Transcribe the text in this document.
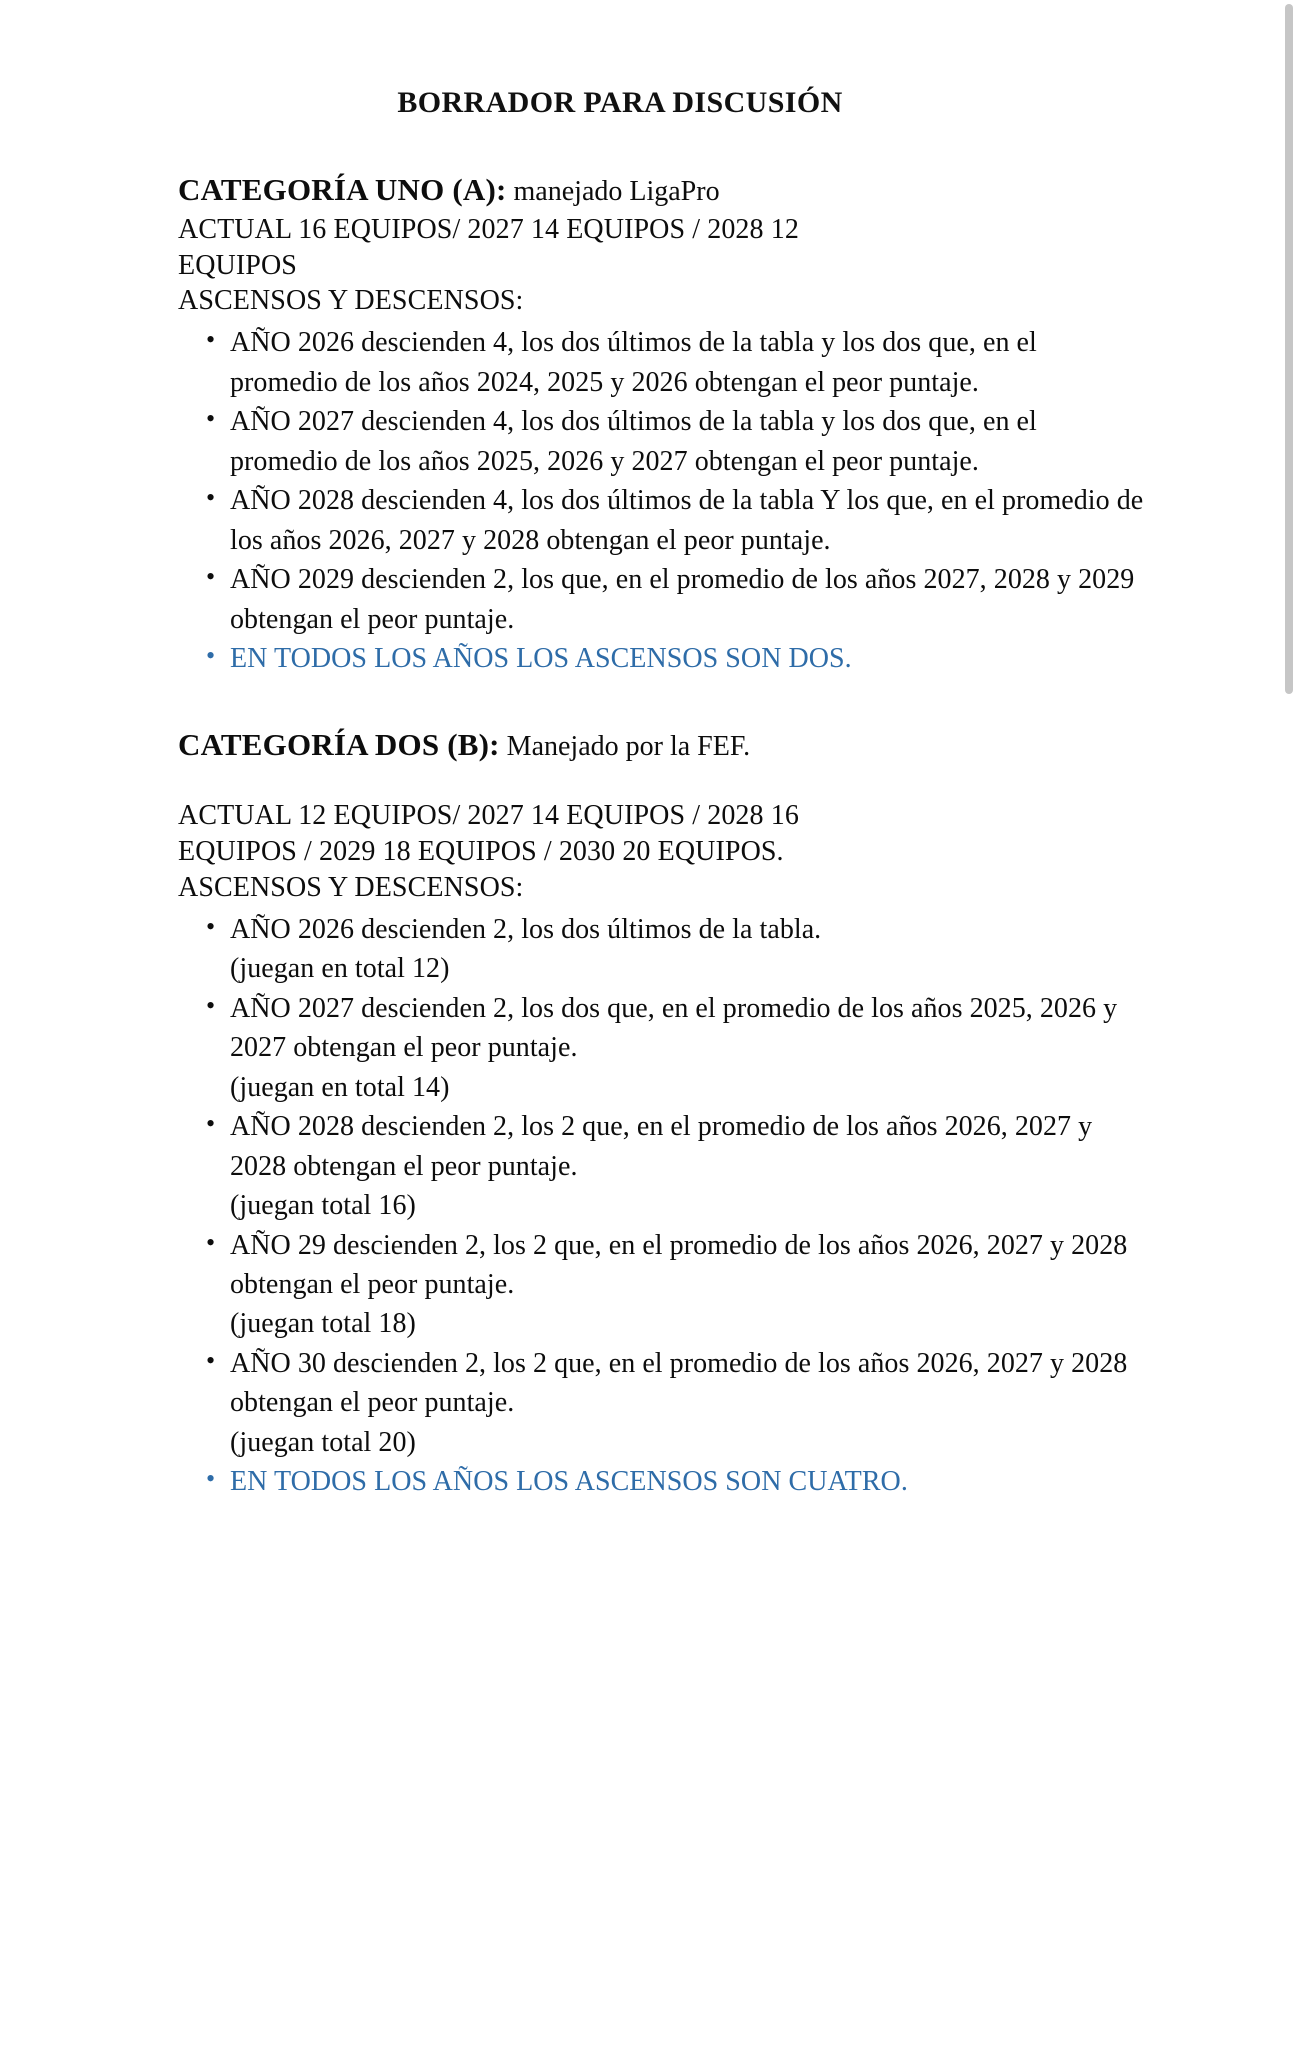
BORRADOR PARA DISCUSIÓN

CATEGORÍA UNO (A): manejado LigaPro

ACTUAL 16 EQUIPOS/ 2027 14 EQUIPOS / 2028 12
EQUIPOS
ASCENSOS Y DESCENSOS:

• AÑO 2026 descienden 4, los dos últimos de la tabla y los dos que, en el promedio de los años 2024, 2025 y 2026 obtengan el peor puntaje.
• AÑO 2027 descienden 4, los dos últimos de la tabla y los dos que, en el promedio de los años 2025, 2026 y 2027 obtengan el peor puntaje.
• AÑO 2028 descienden 4, los dos últimos de la tabla Y los que, en el promedio de los años 2026, 2027 y 2028 obtengan el peor puntaje.
• AÑO 2029 descienden 2, los que, en el promedio de los años 2027, 2028 y 2029 obtengan el peor puntaje.
• EN TODOS LOS AÑOS LOS ASCENSOS SON DOS.

CATEGORÍA DOS (B): Manejado por la FEF.

ACTUAL 12 EQUIPOS/ 2027 14 EQUIPOS / 2028 16
EQUIPOS / 2029 18 EQUIPOS / 2030 20 EQUIPOS.
ASCENSOS Y DESCENSOS:

• AÑO 2026 descienden 2, los dos últimos de la tabla.
(juegan en total 12)
• AÑO 2027 descienden 2, los dos que, en el promedio de los años 2025, 2026 y 2027 obtengan el peor puntaje.
(juegan en total 14)
• AÑO 2028 descienden 2, los 2 que, en el promedio de los años 2026, 2027 y 2028 obtengan el peor puntaje.
(juegan total 16)
• AÑO 29 descienden 2, los 2 que, en el promedio de los años 2026, 2027 y 2028 obtengan el peor puntaje.
(juegan total 18)
• AÑO 30 descienden 2, los 2 que, en el promedio de los años 2026, 2027 y 2028 obtengan el peor puntaje.
(juegan total 20)
• EN TODOS LOS AÑOS LOS ASCENSOS SON CUATRO.
